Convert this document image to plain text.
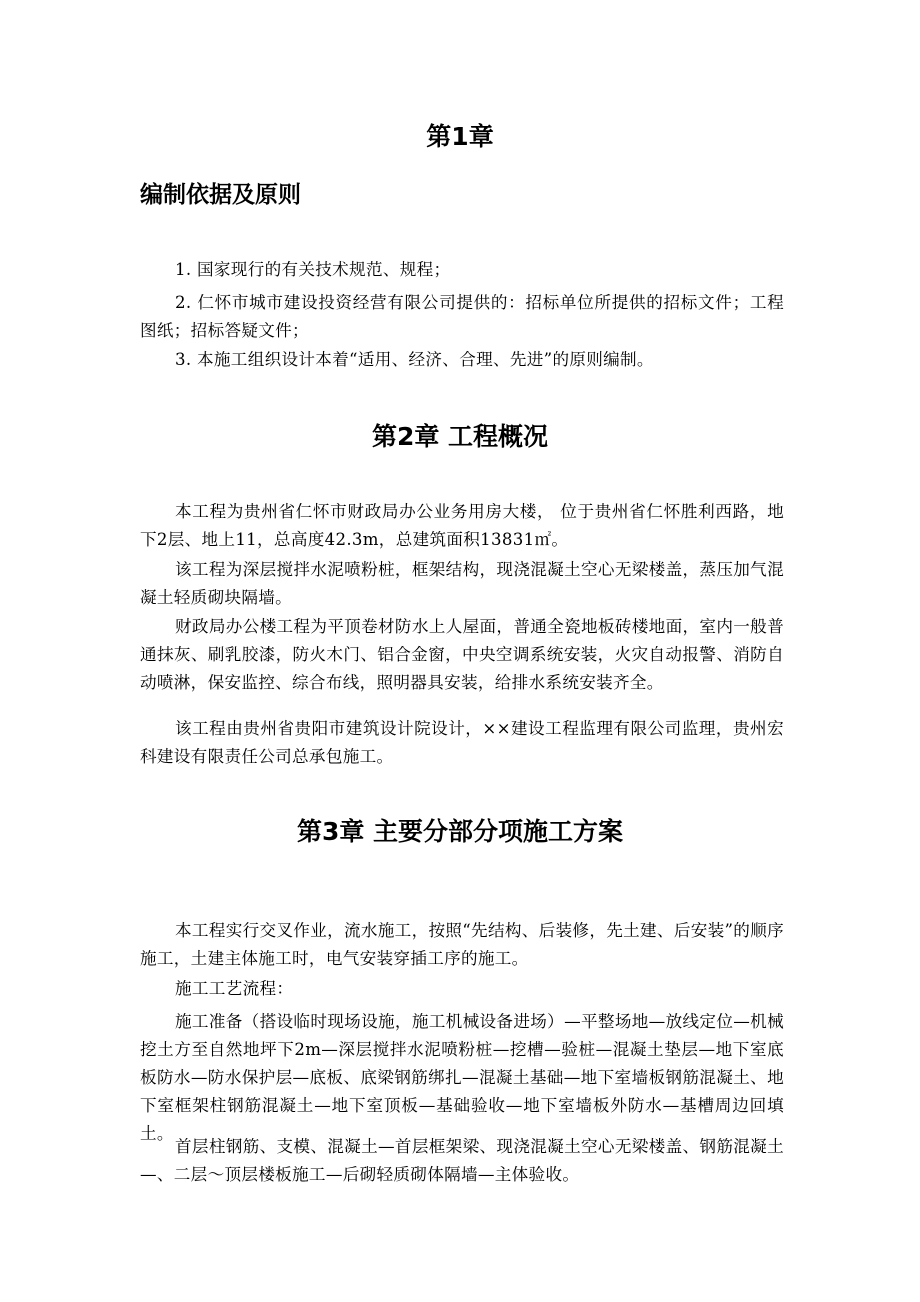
第1章
编制依据及原则

1. 国家现行的有关技术规范、规程；

2. 仁怀市城市建设投资经营有限公司提供的：招标单位所提供的招标文件；工程图纸；招标答疑文件；

3. 本施工组织设计本着“适用、经济、合理、先进”的原则编制。

第2章 工程概况

本工程为贵州省仁怀市财政局办公业务用房大楼， 位于贵州省仁怀胜利西路，地下2层、地上11，总高度42.3m，总建筑面积13831㎡。

该工程为深层搅拌水泥喷粉桩，框架结构，现浇混凝土空心无梁楼盖，蒸压加气混凝土轻质砌块隔墙。

财政局办公楼工程为平顶卷材防水上人屋面，普通全瓷地板砖楼地面，室内一般普通抹灰、刷乳胶漆，防火木门、铝合金窗，中央空调系统安装，火灾自动报警、消防自动喷淋，保安监控、综合布线，照明器具安装，给排水系统安装齐全。

该工程由贵州省贵阳市建筑设计院设计，××建设工程监理有限公司监理，贵州宏科建设有限责任公司总承包施工。

第3章 主要分部分项施工方案

本工程实行交叉作业，流水施工，按照“先结构、后装修，先土建、后安装”的顺序施工，土建主体施工时，电气安装穿插工序的施工。

施工工艺流程：

施工准备（搭设临时现场设施，施工机械设备进场）—平整场地—放线定位—机械挖土方至自然地坪下2m—深层搅拌水泥喷粉桩—挖槽—验桩—混凝土垫层—地下室底板防水—防水保护层—底板、底梁钢筋绑扎—混凝土基础—地下室墙板钢筋混凝土、地下室框架柱钢筋混凝土—地下室顶板—基础验收—地下室墙板外防水—基槽周边回填土。

首层柱钢筋、支模、混凝土—首层框架梁、现浇混凝土空心无梁楼盖、钢筋混凝土—、二层～顶层楼板施工—后砌轻质砌体隔墙—主体验收。
